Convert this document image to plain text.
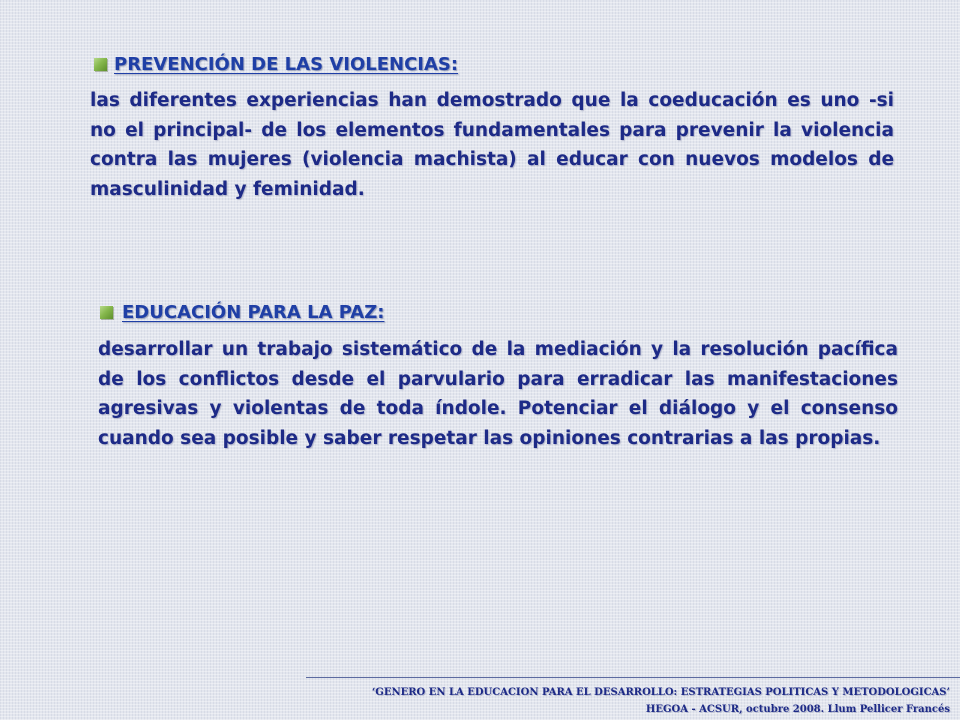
PREVENCIÓN DE LAS VIOLENCIAS:

las diferentes experiencias han demostrado que la coeducación es uno -si no el principal- de los elementos fundamentales para prevenir la violencia contra las mujeres (violencia machista) al educar con nuevos modelos de masculinidad y feminidad.

EDUCACIÓN PARA LA PAZ:

desarrollar un trabajo sistemático de la mediación y la resolución pacífica de los conflictos desde el parvulario para erradicar las manifestaciones agresivas y violentas de toda índole. Potenciar el diálogo y el consenso cuando sea posible y saber respetar las opiniones contrarias a las propias.

‘GENERO EN LA EDUCACION PARA EL DESARROLLO: ESTRATEGIAS POLITICAS Y METODOLOGICAS’
HEGOA - ACSUR, octubre 2008. Llum Pellicer Francés
